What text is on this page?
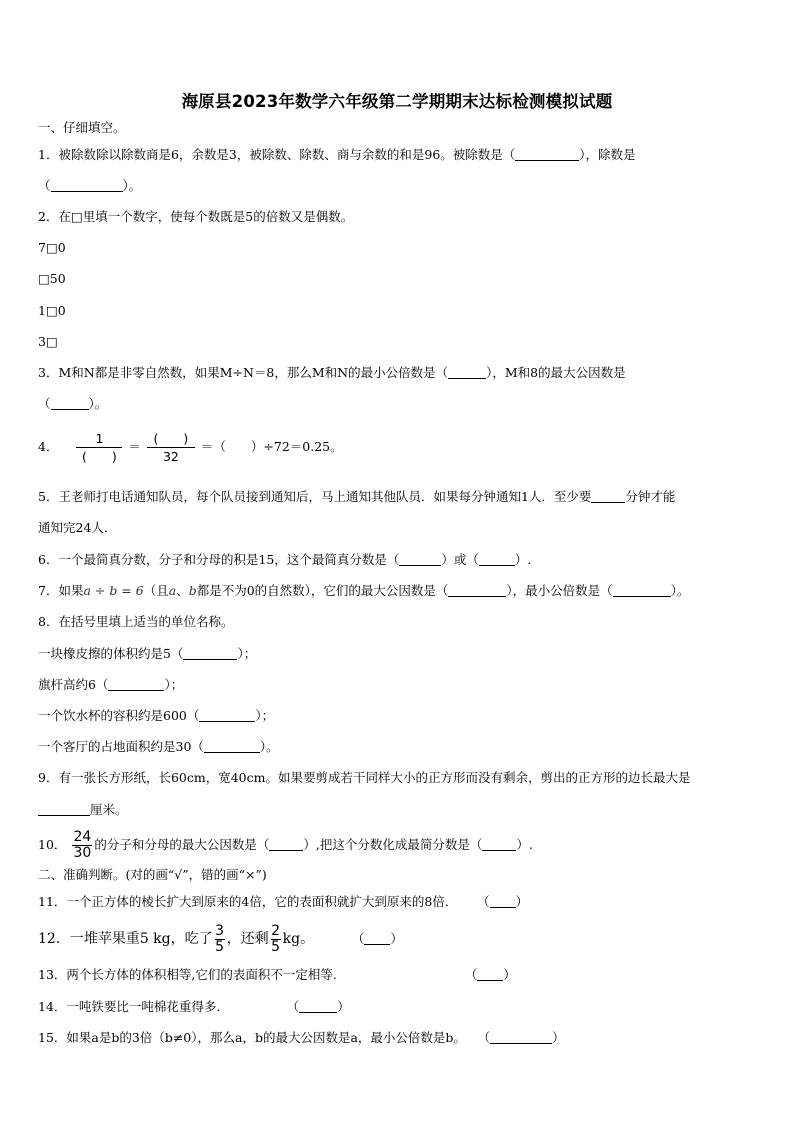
海原县2023年数学六年级第二学期期末达标检测模拟试题
一、仔细填空。
1．被除数除以除数商是6，余数是3，被除数、除数、商与余数的和是96。被除数是（	），除数是
（	）。
2．在□里填一个数字，使每个数既是5的倍数又是偶数。
7□0
□50
1□0
3□
3．M和N都是非零自然数，如果M÷N＝8，那么M和N的最小公倍数是（	），M和8的最大公因数是
（	）。
4． $\frac{1}{( )} = \frac{( )}{32}$ ＝（　　）÷72＝0.25。
5．王老师打电话通知队员，每个队员接到通知后，马上通知其他队员．如果每分钟通知1人．至少要	分钟才能
通知完24人．
6．一个最简真分数，分子和分母的积是15，这个最简真分数是（	）或（	）.
7．如果a ÷ b = 6（且a、b都是不为0的自然数），它们的最大公因数是（	），最小公倍数是（	）。
8．在括号里填上适当的单位名称。
一块橡皮擦的体积约是5（	）；
旗杆高约6（	）；
一个饮水杯的容积约是600（	）；
一个客厅的占地面积约是30（	）。
9．有一张长方形纸，长60cm，宽40cm。如果要剪成若干同样大小的正方形而没有剩余，剪出的正方形的边长最大是
厘米。
10． $\frac{24}{30}$ 的分子和分母的最大公因数是（	）,把这个分数化成最简分数是（	）.
二、准确判断。(对的画“√”，错的画“×”)
11．一个正方体的棱长扩大到原来的4倍，它的表面积就扩大到原来的8倍． （ ）
12．一堆苹果重5 kg，吃了 $\frac{3}{5}$ ，还剩 $\frac{2}{5}$ kg。	（ ）
13．两个长方体的体积相等,它们的表面积不一定相等.	（ ）
14．一吨铁要比一吨棉花重得多．	（	）
15．如果a是b的3倍（b≠0），那么a，b的最大公因数是a，最小公倍数是b。 （	）
